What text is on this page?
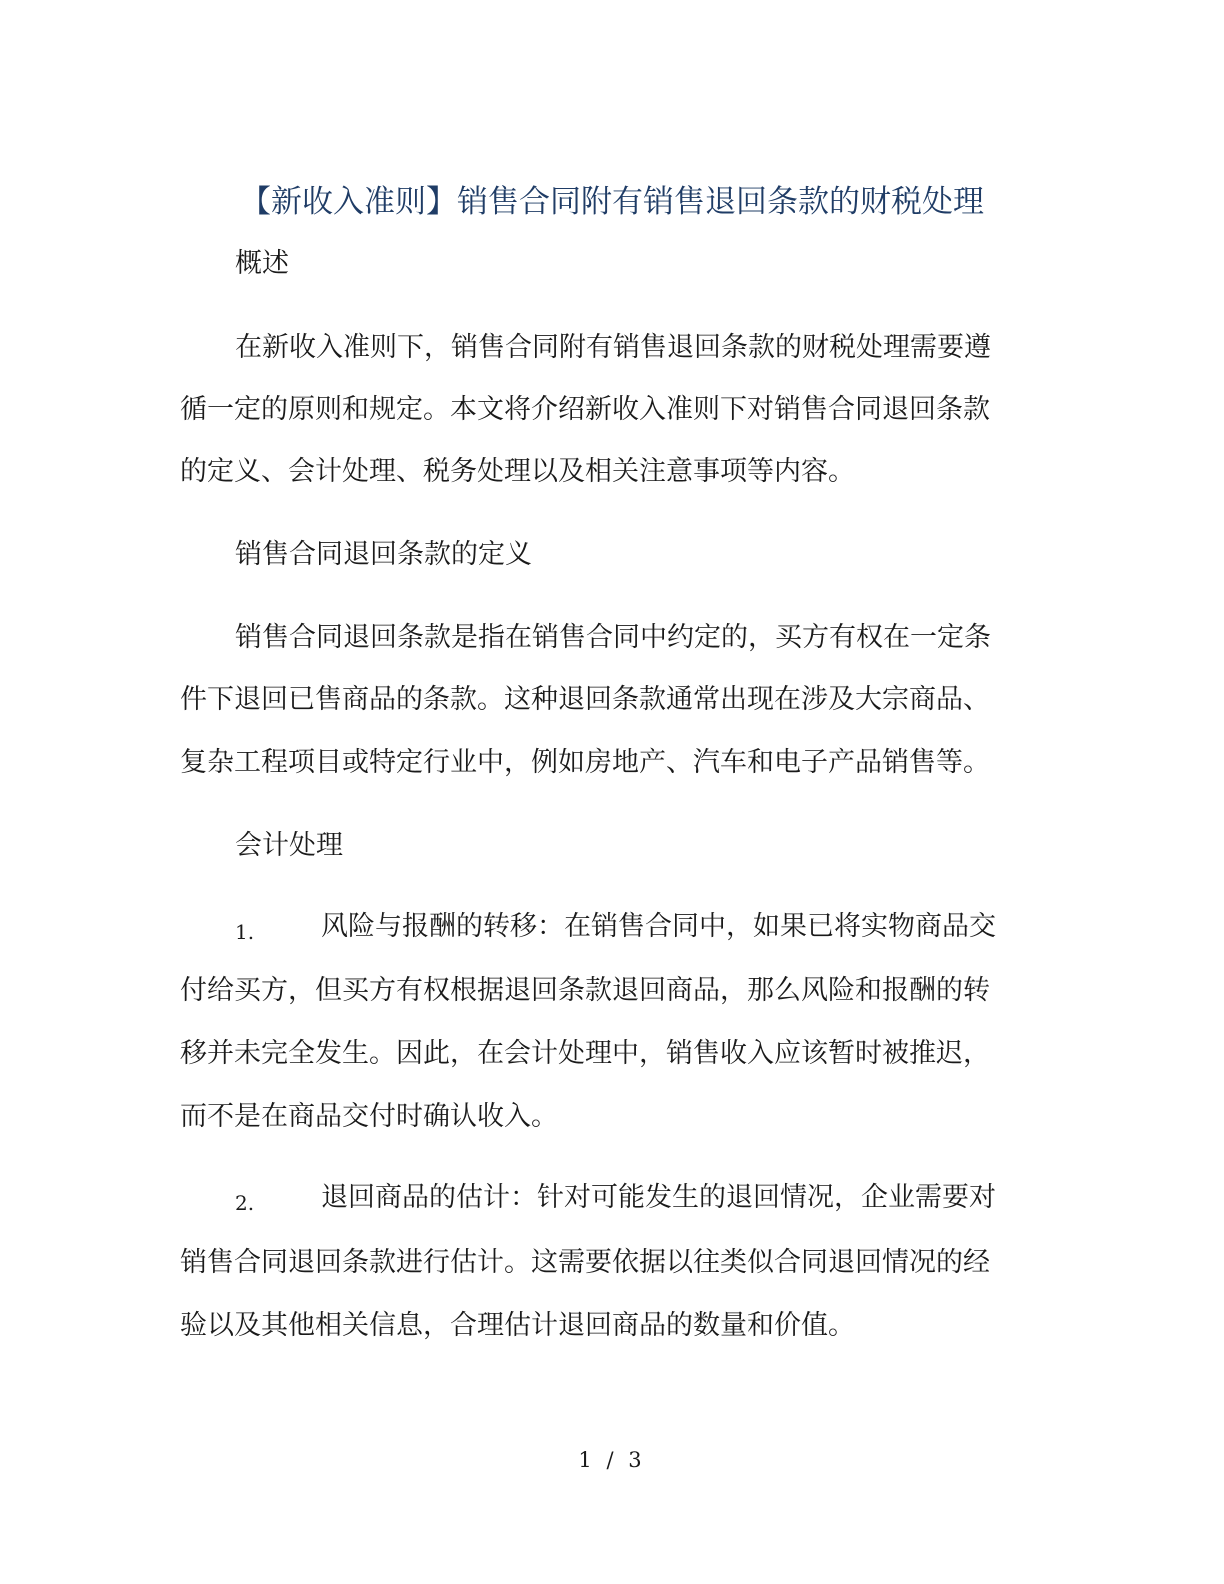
【新收入准则】销售合同附有销售退回条款的财税处理
概述
在新收入准则下，销售合同附有销售退回条款的财税处理需要遵
循一定的原则和规定。本文将介绍新收入准则下对销售合同退回条款
的定义、会计处理、税务处理以及相关注意事项等内容。
销售合同退回条款的定义
销售合同退回条款是指在销售合同中约定的，买方有权在一定条
件下退回已售商品的条款。这种退回条款通常出现在涉及大宗商品、
复杂工程项目或特定行业中，例如房地产、汽车和电子产品销售等。
会计处理
1. 风险与报酬的转移：在销售合同中，如果已将实物商品交
付给买方，但买方有权根据退回条款退回商品，那么风险和报酬的转
移并未完全发生。因此，在会计处理中，销售收入应该暂时被推迟，
而不是在商品交付时确认收入。
2. 退回商品的估计：针对可能发生的退回情况，企业需要对
销售合同退回条款进行估计。这需要依据以往类似合同退回情况的经
验以及其他相关信息，合理估计退回商品的数量和价值。
1 / 3
